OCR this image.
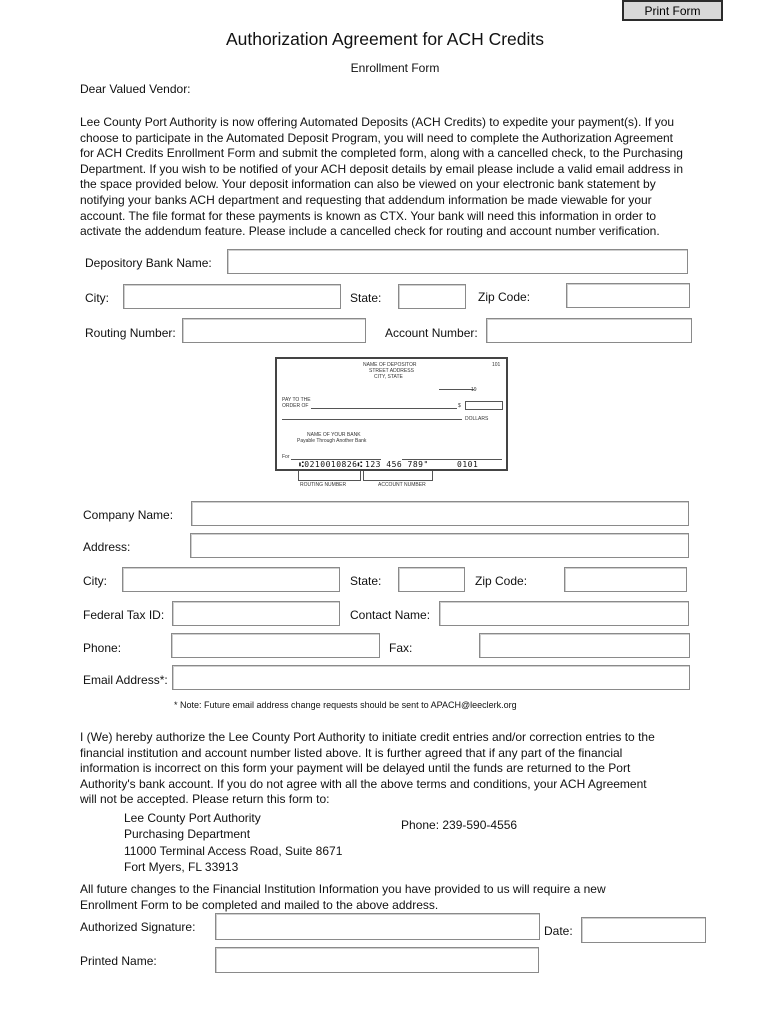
Print Form
Authorization Agreement for ACH Credits
Enrollment Form
Dear Valued Vendor:
Lee County Port Authority is now offering Automated Deposits (ACH Credits) to expedite your payment(s). If you
choose to participate in the Automated Deposit Program, you will need to complete the Authorization Agreement
for ACH Credits Enrollment Form and submit the completed form, along with a cancelled check, to the Purchasing
Department. If you wish to be notified of your ACH deposit details by email please include a valid email address in
the space provided below. Your deposit information can also be viewed on your electronic bank statement by
notifying your banks ACH department and requesting that addendum information be made viewable for your
account. The file format for these payments is known as CTX. Your bank will need this information in order to
activate the addendum feature. Please include a cancelled check for routing and account number verification.
Depository Bank Name:
City:	State:	Zip Code:
Routing Number:	Account Number:
NAME OF DEPOSITOR
STREET ADDRESS
CITY, STATE
101
19
PAY TO THE
ORDER OF	$
DOLLARS
NAME OF YOUR BANK
Payable Through Another Bank
For
⑆0210010826⑆ 123 456 789"	0101
ROUTING NUMBER	ACCOUNT NUMBER
Company Name:
Address:
City:	State:	Zip Code:
Federal Tax ID:	Contact Name:
Phone:	Fax:
Email Address*:
* Note: Future email address change requests should be sent to APACH@leeclerk.org
I (We) hereby authorize the Lee County Port Authority to initiate credit entries and/or correction entries to the
financial institution and account number listed above. It is further agreed that if any part of the financial
information is incorrect on this form your payment will be delayed until the funds are returned to the Port
Authority's bank account. If you do not agree with all the above terms and conditions, your ACH Agreement
will not be accepted. Please return this form to:
Lee County Port Authority
Purchasing Department
11000 Terminal Access Road, Suite 8671
Fort Myers, FL 33913
Phone: 239-590-4556
All future changes to the Financial Institution Information you have provided to us will require a new
Enrollment Form to be completed and mailed to the above address.
Authorized Signature:	Date:
Printed Name:
